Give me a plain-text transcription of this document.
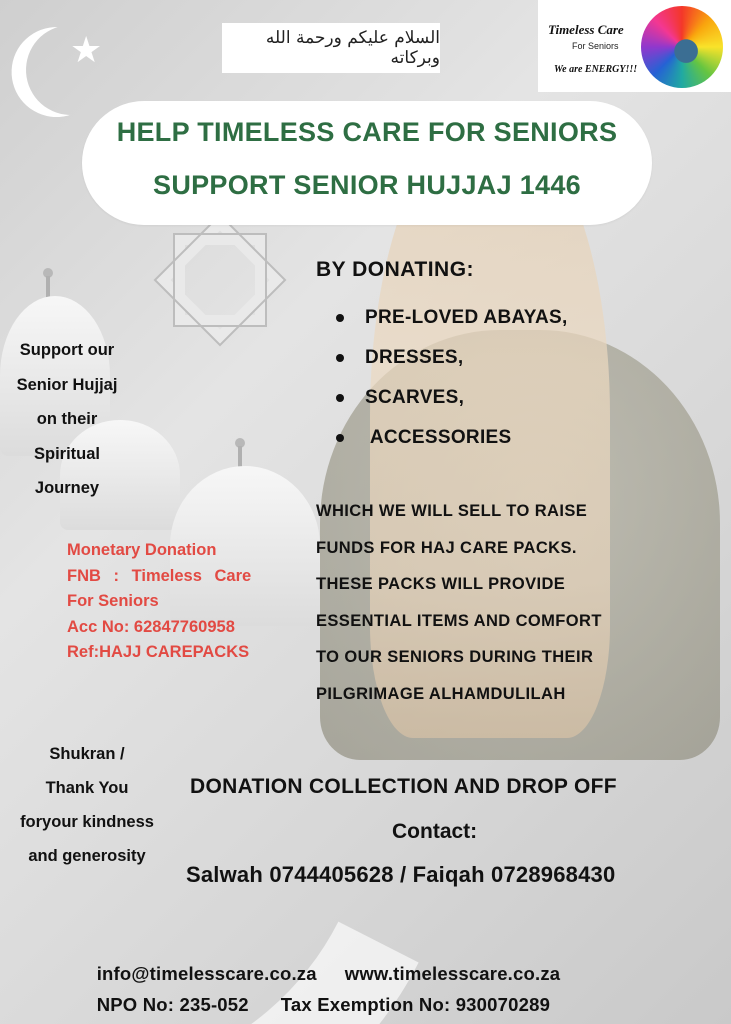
★	السلام عليكم ورحمة الله وبركاته
Timeless Care
For Seniors
We are ENERGY!!!
HELP TIMELESS CARE FOR SENIORS
SUPPORT SENIOR HUJJAJ 1446
BY DONATING:
PRE-LOVED ABAYAS,
DRESSES,
SCARVES,
ACCESSORIES
WHICH WE WILL SELL TO RAISE
FUNDS FOR HAJ CARE PACKS.
THESE PACKS WILL PROVIDE
ESSENTIAL ITEMS AND COMFORT
TO OUR SENIORS DURING THEIR
PILGRIMAGE ALHAMDULILAH
Support our
Senior Hujjaj
on their
Spiritual
Journey
Monetary Donation
FNB : Timeless Care
For Seniors
Acc No: 62847760958
Ref:HAJJ CAREPACKS
Shukran /
Thank You
foryour kindness
and generosity
DONATION COLLECTION AND DROP OFF
Contact:
Salwah 0744405628 / Faiqah 0728968430

info@timelesscare.co.za www.timelesscare.co.za

NPO No: 235-052 Tax Exemption No: 930070289
